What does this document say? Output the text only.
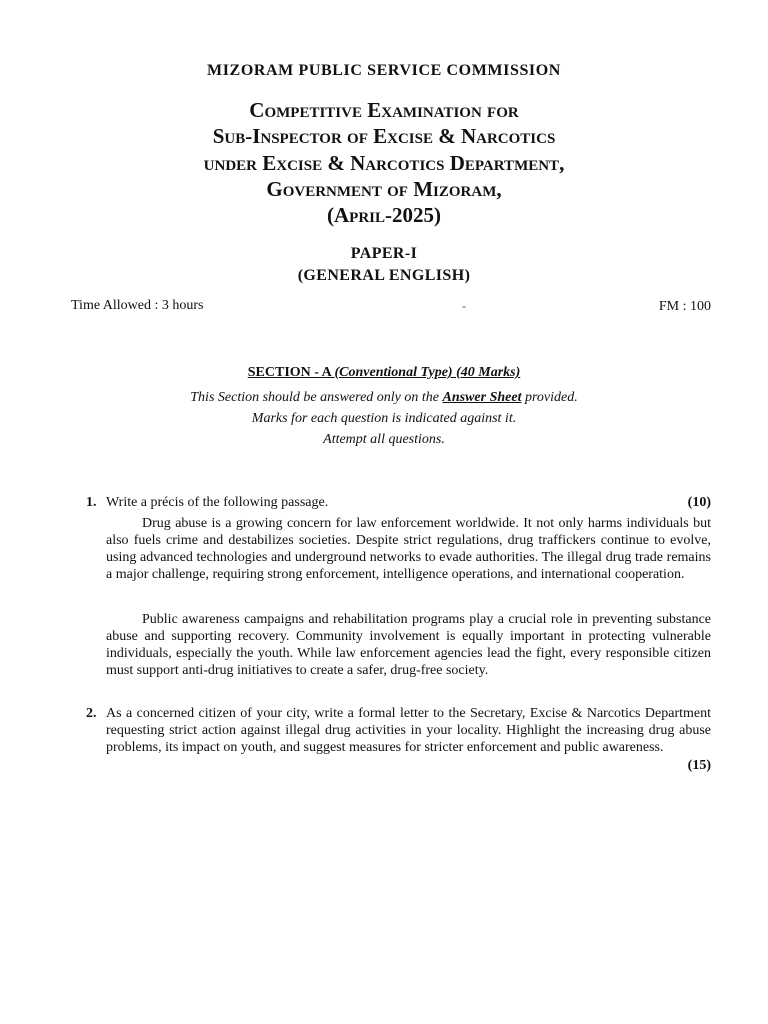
MIZORAM PUBLIC SERVICE COMMISSION
Competitive Examination for
Sub-Inspector of Excise & Narcotics
under Excise & Narcotics Department,
Government of Mizoram,
(April-2025)
PAPER-I
(GENERAL ENGLISH)
Time Allowed : 3 hours	-	FM : 100
SECTION - A (Conventional Type) (40 Marks)
This Section should be answered only on the Answer Sheet provided.
Marks for each question is indicated against it.
Attempt all questions.
1. Write a précis of the following passage.	(10)
Drug abuse is a growing concern for law enforcement worldwide. It not only harms individuals but also fuels crime and destabilizes societies. Despite strict regulations, drug traffickers continue to evolve, using advanced technologies and underground networks to evade authorities. The illegal drug trade remains a major challenge, requiring strong enforcement, intelligence operations, and international cooperation.
Public awareness campaigns and rehabilitation programs play a crucial role in preventing substance abuse and supporting recovery. Community involvement is equally important in protecting vulnerable individuals, especially the youth. While law enforcement agencies lead the fight, every responsible citizen must support anti-drug initiatives to create a safer, drug-free society.
2. As a concerned citizen of your city, write a formal letter to the Secretary, Excise & Narcotics Department requesting strict action against illegal drug activities in your locality. Highlight the increasing drug abuse problems, its impact on youth, and suggest measures for stricter enforcement and public awareness.
(15)
